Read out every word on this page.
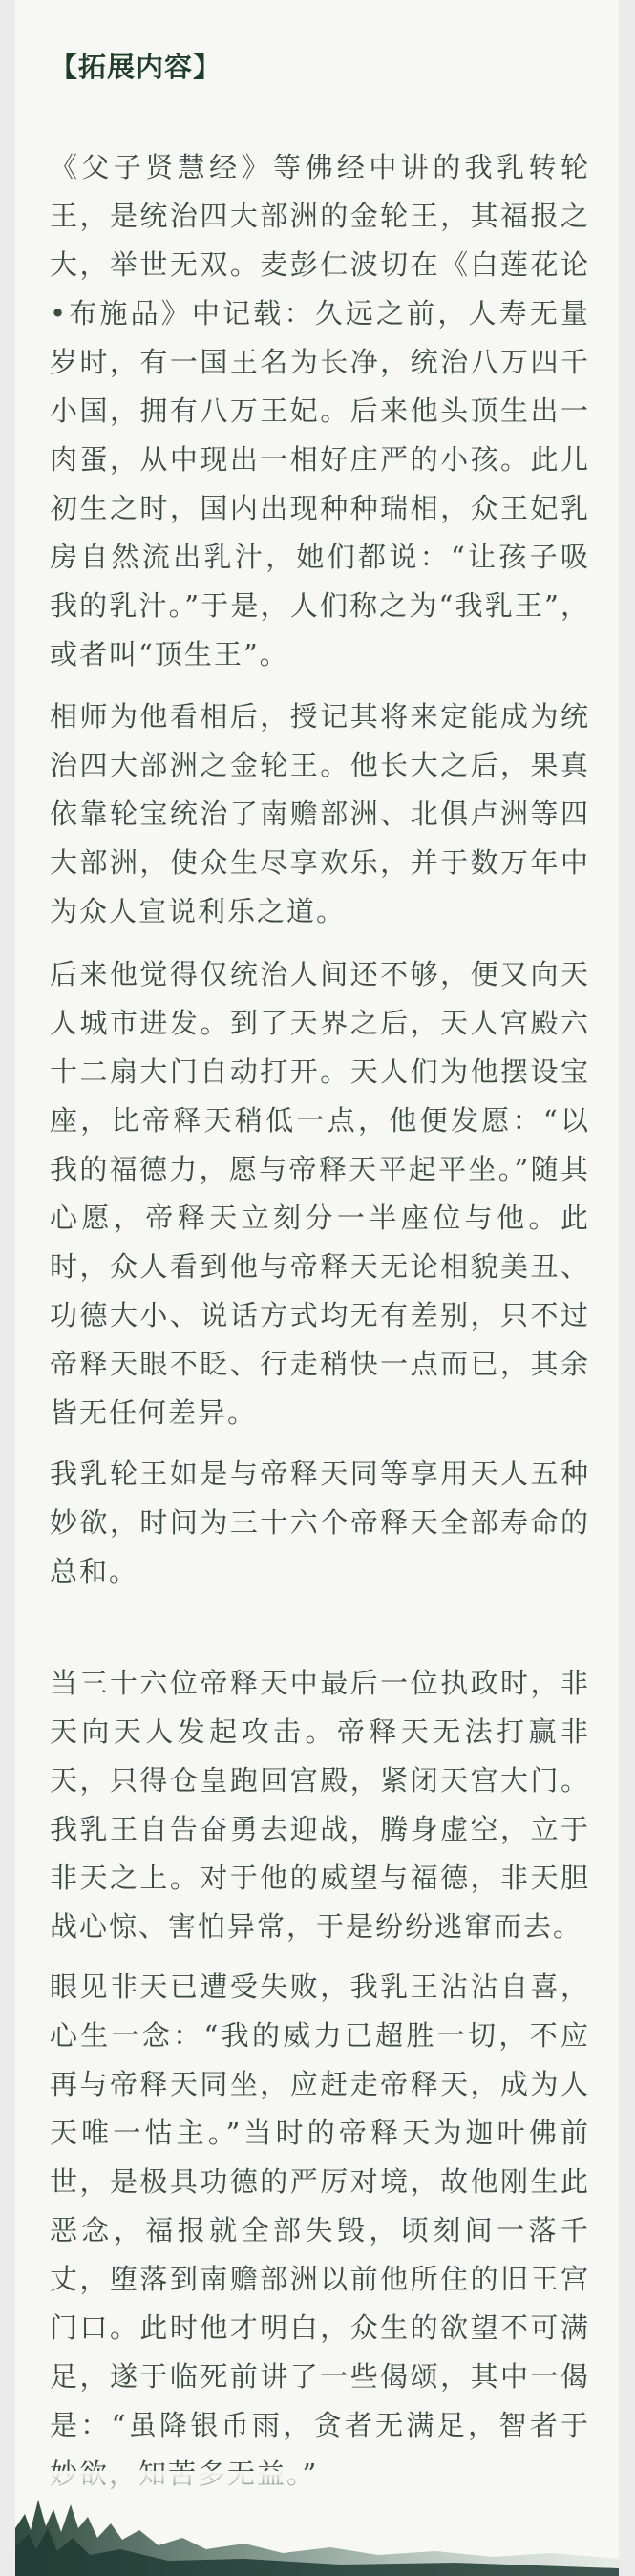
【拓展内容】

《父子贤慧经》等佛经中讲的我乳转轮王，是统治四大部洲的金轮王，其福报之大，举世无双。麦彭仁波切在《白莲花论•布施品》中记载：久远之前，人寿无量岁时，有一国王名为长净，统治八万四千小国，拥有八万王妃。后来他头顶生出一肉蛋，从中现出一相好庄严的小孩。此儿初生之时，国内出现种种瑞相，众王妃乳房自然流出乳汁，她们都说：“让孩子吸我的乳汁。”于是，人们称之为“我乳王”，或者叫“顶生王”。

相师为他看相后，授记其将来定能成为统治四大部洲之金轮王。他长大之后，果真依靠轮宝统治了南赡部洲、北俱卢洲等四大部洲，使众生尽享欢乐，并于数万年中为众人宣说利乐之道。

后来他觉得仅统治人间还不够，便又向天人城市进发。到了天界之后，天人宫殿六十二扇大门自动打开。天人们为他摆设宝座，比帝释天稍低一点，他便发愿：“以我的福德力，愿与帝释天平起平坐。”随其心愿，帝释天立刻分一半座位与他。此时，众人看到他与帝释天无论相貌美丑、功德大小、说话方式均无有差别，只不过帝释天眼不眨、行走稍快一点而已，其余皆无任何差异。

我乳轮王如是与帝释天同等享用天人五种妙欲，时间为三十六个帝释天全部寿命的总和。

当三十六位帝释天中最后一位执政时，非天向天人发起攻击。帝释天无法打赢非天，只得仓皇跑回宫殿，紧闭天宫大门。我乳王自告奋勇去迎战，腾身虚空，立于非天之上。对于他的威望与福德，非天胆战心惊、害怕异常，于是纷纷逃窜而去。

眼见非天已遭受失败，我乳王沾沾自喜，心生一念：“我的威力已超胜一切，不应再与帝释天同坐，应赶走帝释天，成为人天唯一怙主。”当时的帝释天为迦叶佛前世，是极具功德的严厉对境，故他刚生此恶念，福报就全部失毁，顷刻间一落千丈，堕落到南赡部洲以前他所住的旧王宫门口。此时他才明白，众生的欲望不可满足，遂于临死前讲了一些偈颂，其中一偈是：“虽降银币雨，贪者无满足，智者于
